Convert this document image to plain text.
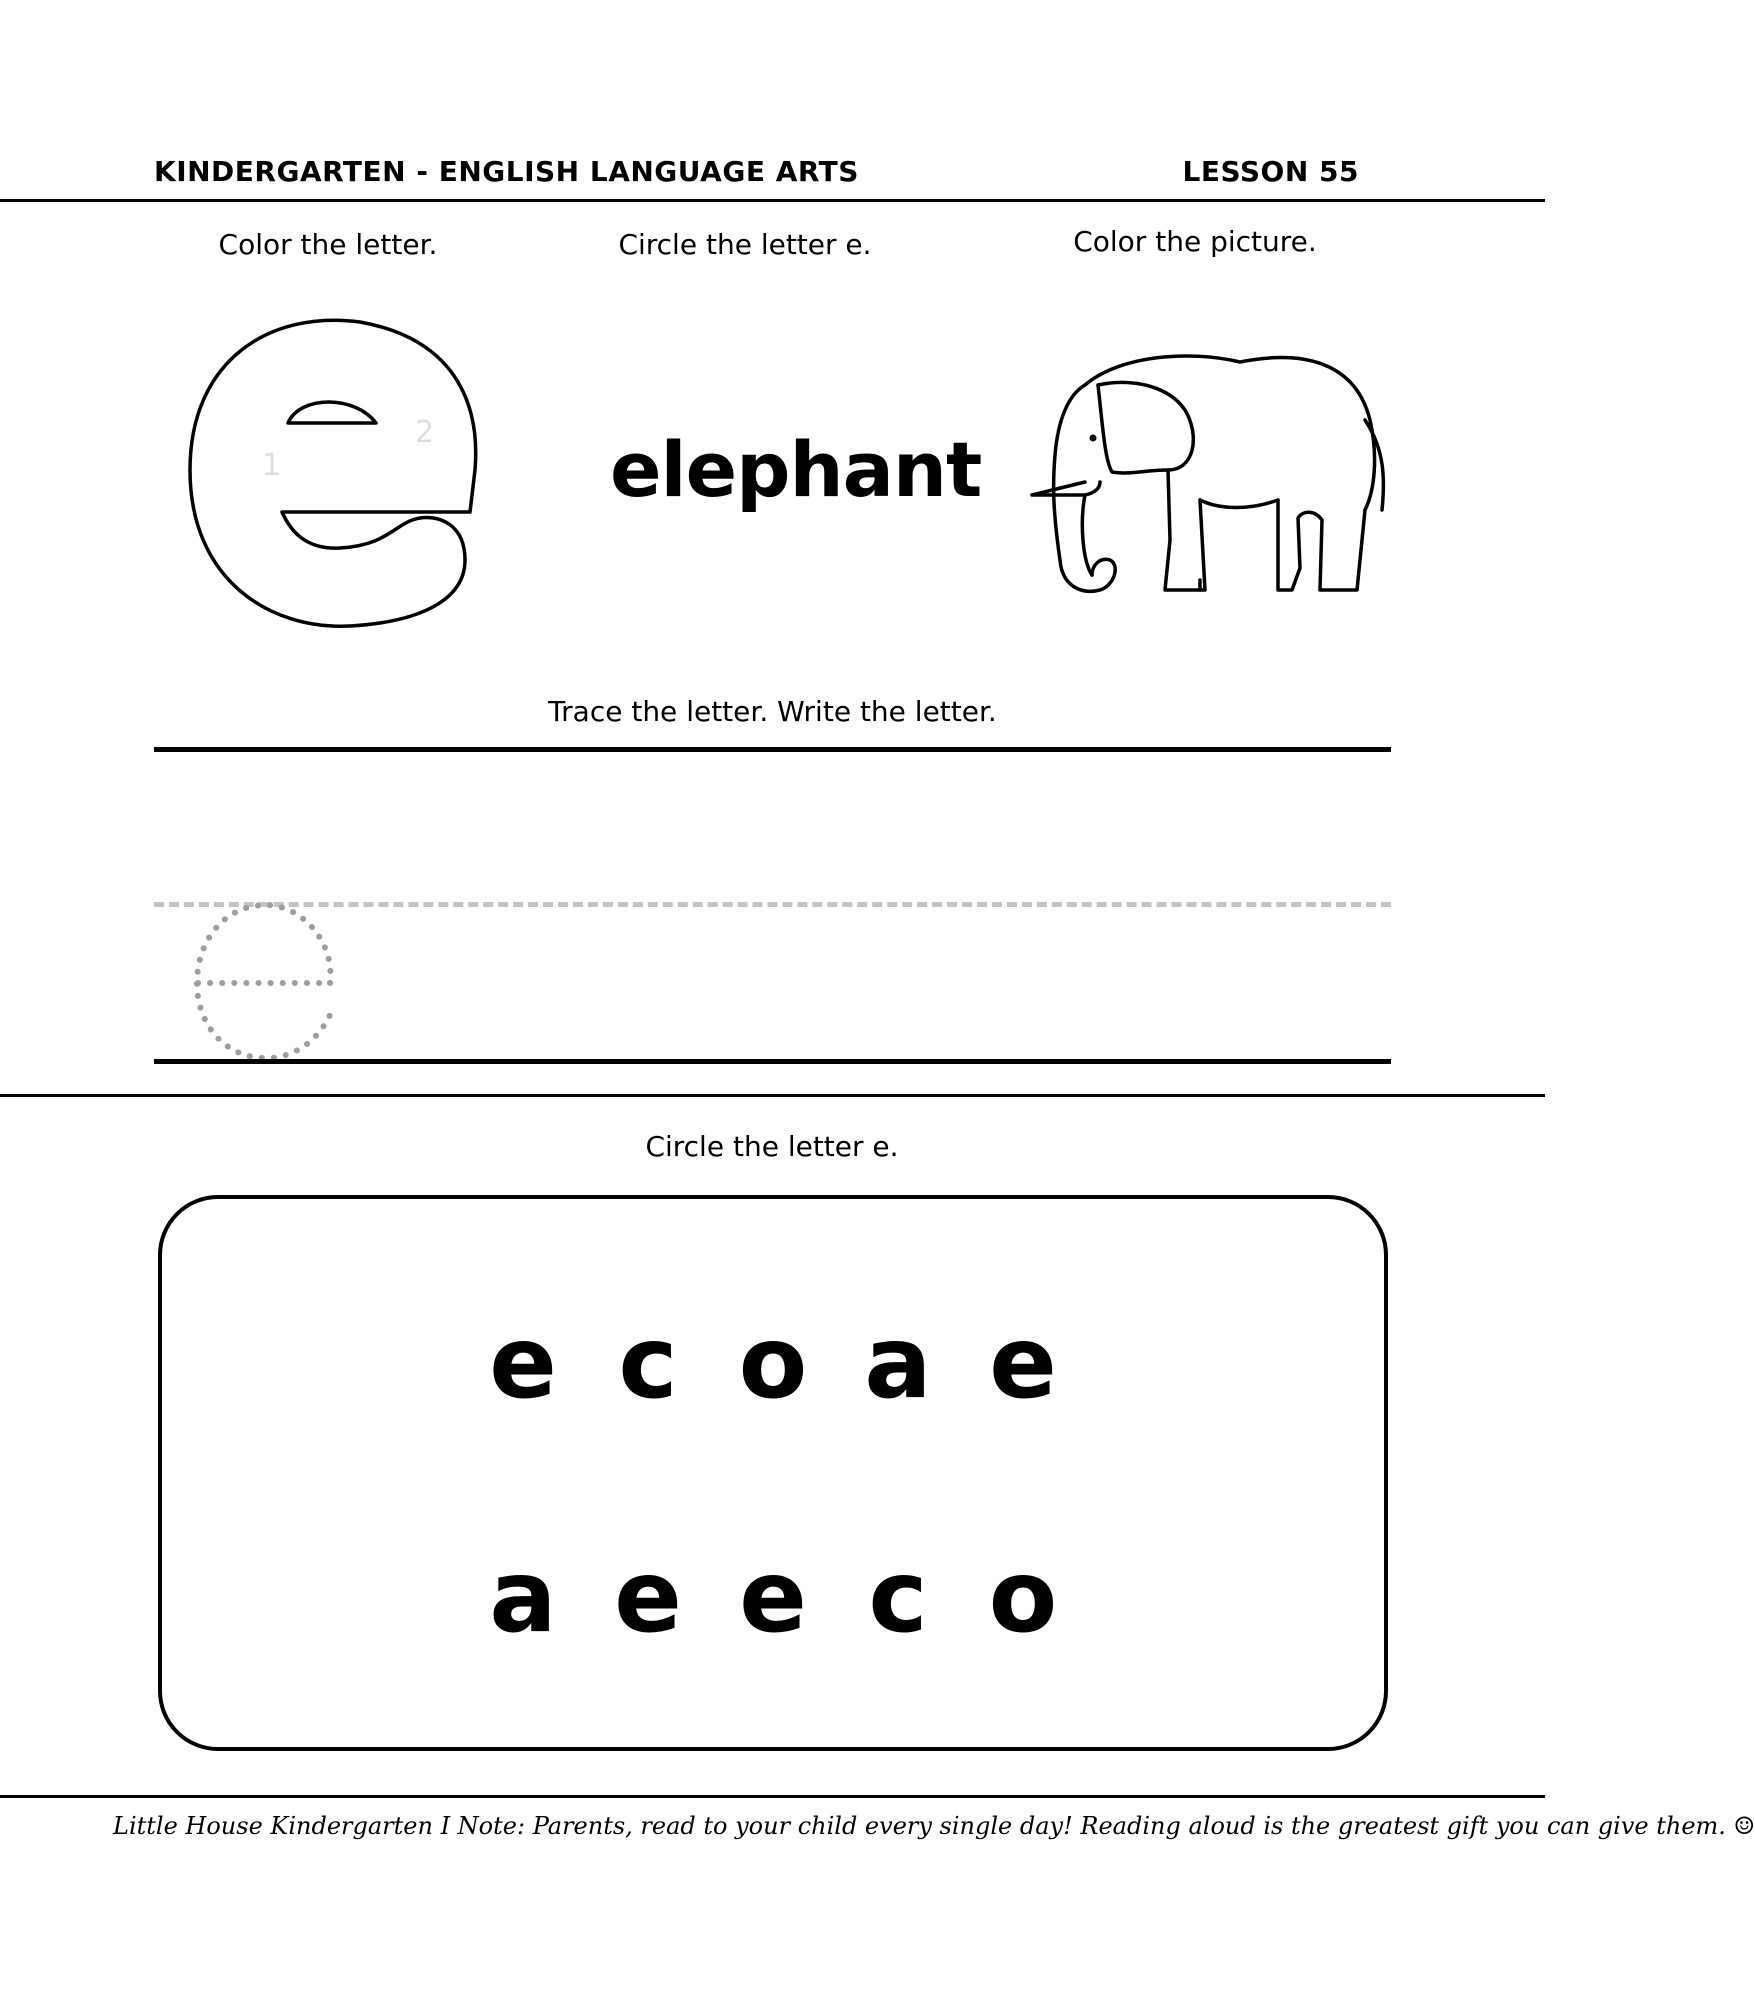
KINDERGARTEN - ENGLISH LANGUAGE ARTS	LESSON 55
Color the letter.	Circle the letter e.	Color the picture.
1
2 elephant
Trace the letter. Write the letter.
Circle the letter e.
e c o a e
a e e c o
Little House Kindergarten I Note: Parents, read to your child every single day! Reading aloud is the greatest gift you can give them. ☺
